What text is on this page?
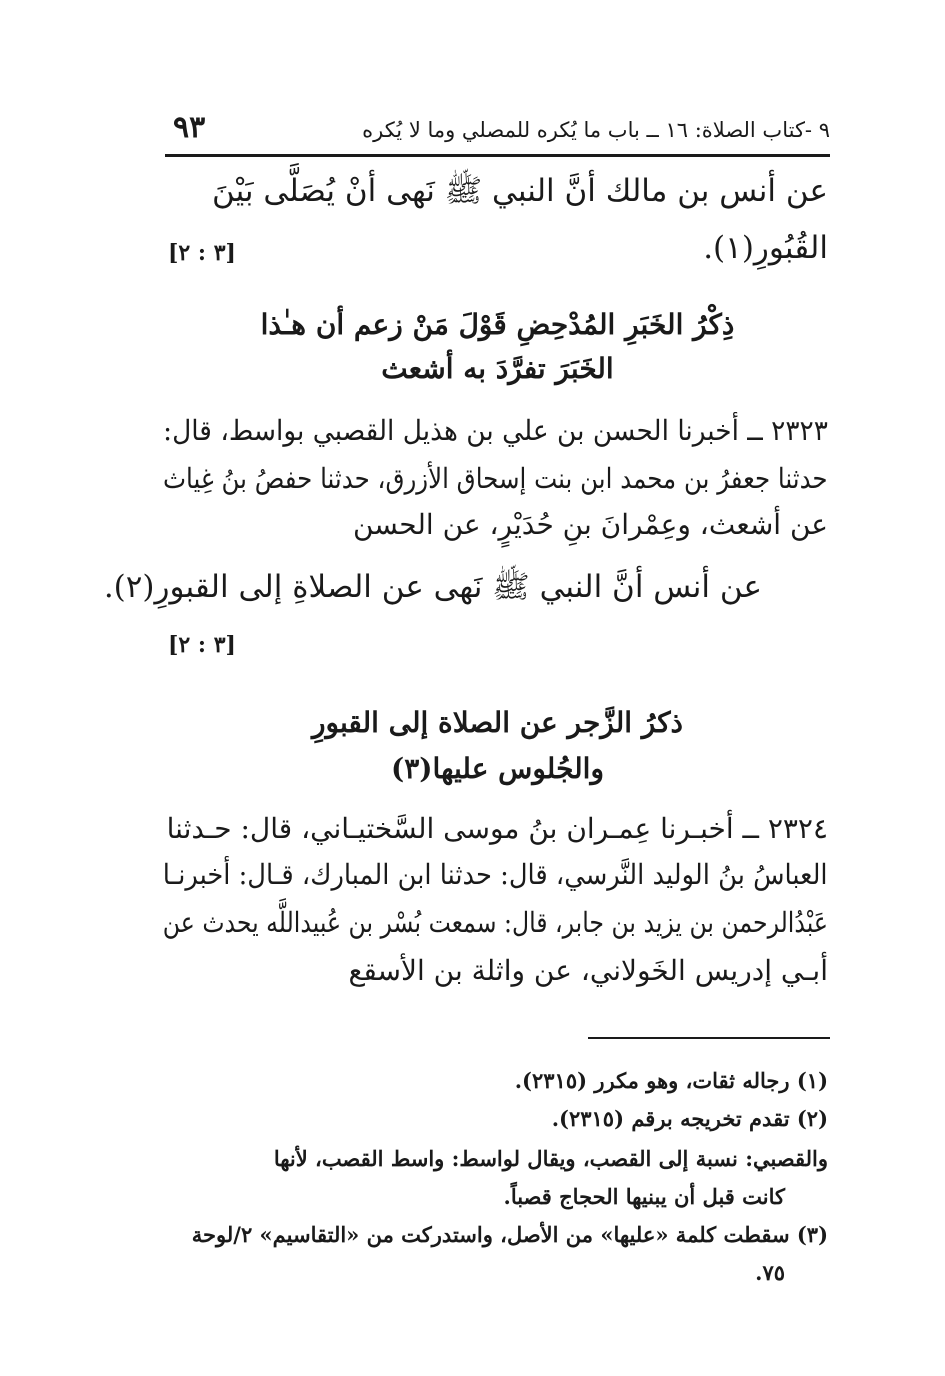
٩٣	٩ -كتاب الصلاة: ١٦ ــ باب ما يُكره للمصلي وما لا يُكره
عن أنس بن مالك أنَّ النبي ﷺ نَهى أنْ يُصَلَّى بَيْنَ
القُبُورِ(١).
[٣ : ٢]
ذِكْرُ الخَبَرِ المُدْحِضِ قَوْلَ مَنْ زعم أن هـٰذا
الخَبَرَ تفرَّدَ به أشعث
٢٣٢٣ ــ أخبرنا الحسن بن علي بن هذيل القصبي بواسط، قال:
حدثنا جعفرُ بن محمد ابن بنت إسحاق الأزرق، حدثنا حفصُ بنُ غِياث
عن أشعث، وعِمْرانَ بنِ حُدَيْرٍ، عن الحسن
عن أنس أنَّ النبي ﷺ نَهى عن الصلاةِ إلى القبورِ(٢).
[٣ : ٢]
ذكرُ الزَّجر عن الصلاة إلى القبورِ
والجُلوس عليها(٣)
٢٣٢٤ ــ أخبـرنا عِمـران بنُ موسى السَّختيـاني، قال: حـدثنا
العباسُ بنُ الوليد النَّرسي، قال: حدثنا ابن المبارك، قـال: أخبرنـا
عَبْدُالرحمن بن يزيد بن جابر، قال: سمعت بُسْر بن عُبيداللَّه يحدث عن
أبـي إدريس الخَولاني، عن واثلة بن الأسقع
(١) رجاله ثقات، وهو مكرر (٢٣١٥).
(٢) تقدم تخريجه برقم (٢٣١٥).
والقصبي: نسبة إلى القصب، ويقال لواسط: واسط القصب، لأنها
كانت قبل أن يبنيها الحجاج قصباً.
(٣) سقطت كلمة «عليها» من الأصل، واستدركت من «التقاسيم» ٢/لوحة
٧٥.
